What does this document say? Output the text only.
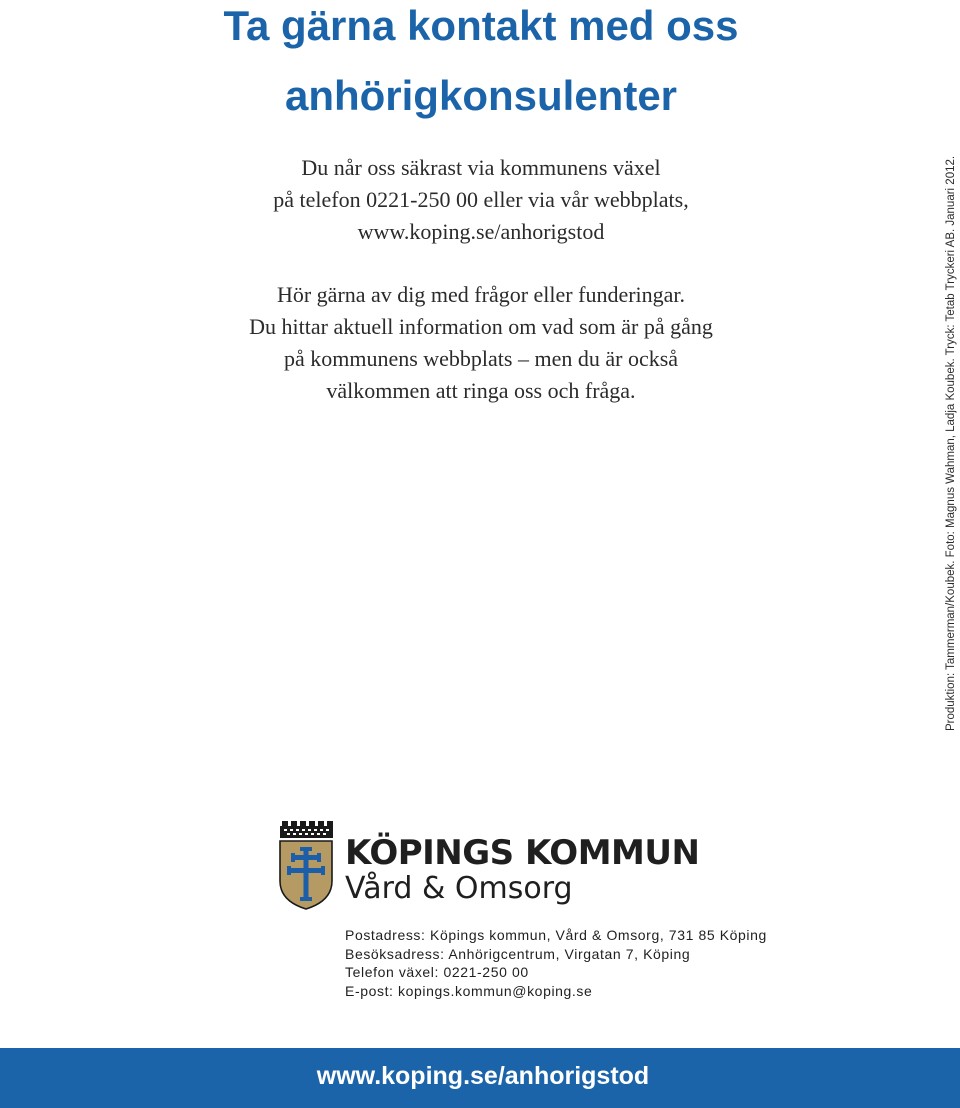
Ta gärna kontakt med oss
anhörigkonsulenter

Du når oss säkrast via kommunens växel
på telefon 0221-250 00 eller via vår webbplats,
www.koping.se/anhorigstod

Hör gärna av dig med frågor eller funderingar.
Du hittar aktuell information om vad som är på gång
på kommunens webbplats – men du är också
välkommen att ringa oss och fråga.	Produktion: Tammerman/Koubek. Foto: Magnus Wahman, Ladja Koubek. Tryck: Tetab Tryckeri AB. Januari 2012.
KÖPINGS KOMMUN
Vård & Omsorg
Postadress: Köpings kommun, Vård & Omsorg, 731 85 Köping
Besöksadress: Anhörigcentrum, Virgatan 7, Köping
Telefon växel: 0221-250 00
E-post: kopings.kommun@koping.se
www.koping.se/anhorigstod
